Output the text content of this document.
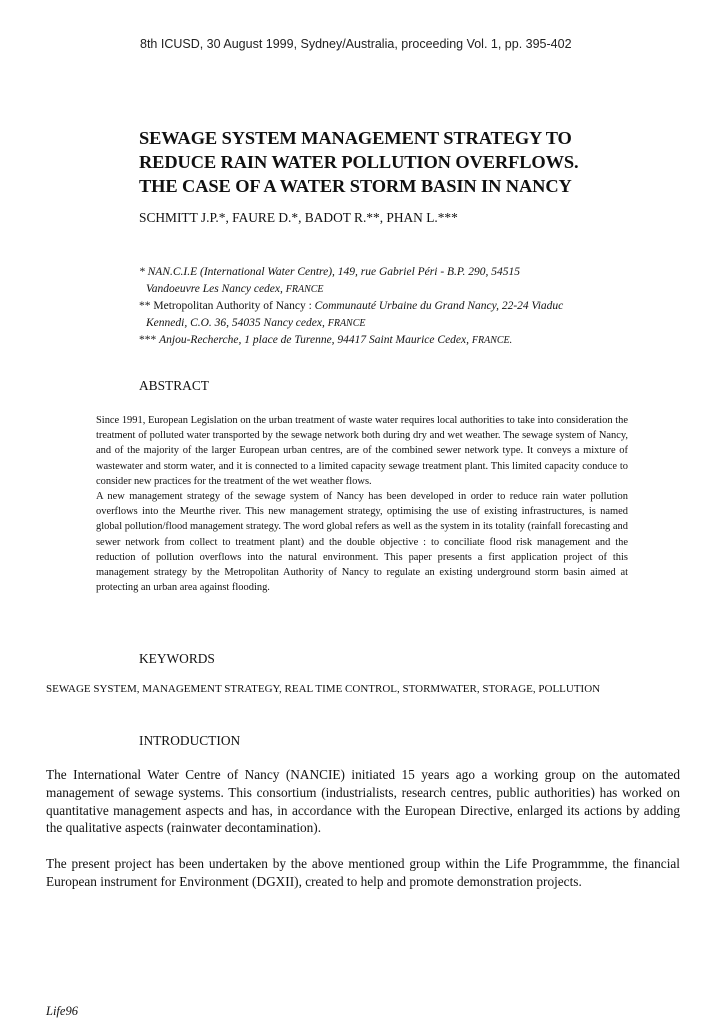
8th ICUSD, 30 August 1999, Sydney/Australia, proceeding Vol. 1, pp. 395-402
SEWAGE SYSTEM MANAGEMENT STRATEGY TO
REDUCE RAIN WATER POLLUTION OVERFLOWS.
THE CASE OF A WATER STORM BASIN IN NANCY
SCHMITT J.P.*, FAURE D.*, BADOT R.**, PHAN L.***
* NAN.C.I.E (International Water Centre), 149, rue Gabriel Péri - B.P. 290, 54515
Vandoeuvre Les Nancy cedex, FRANCE
** Metropolitan Authority of Nancy : Communauté Urbaine du Grand Nancy, 22-24 Viaduc
Kennedi, C.O. 36, 54035 Nancy cedex, FRANCE
*** Anjou-Recherche, 1 place de Turenne, 94417 Saint Maurice Cedex, FRANCE.
ABSTRACT

Since 1991, European Legislation on the urban treatment of waste water requires local authorities to take into consideration the treatment of polluted water transported by the sewage network both during dry and wet weather. The sewage system of Nancy, and of the majority of the larger European urban centres, are of the combined sewer network type. It conveys a mixture of wastewater and storm water, and it is connected to a limited capacity sewage treatment plant. This limited capacity conduce to consider new practices for the treatment of the wet weather flows.

A new management strategy of the sewage system of Nancy has been developed in order to reduce rain water pollution overflows into the Meurthe river. This new management strategy, optimising the use of existing infrastructures, is named global pollution/flood management strategy. The word global refers as well as the system in its totality (rainfall forecasting and sewer network from collect to treatment plant) and the double objective : to conciliate flood risk management and the reduction of pollution overflows into the natural environment. This paper presents a first application project of this management strategy by the Metropolitan Authority of Nancy to regulate an existing underground storm basin aimed at protecting an urban area against flooding.

KEYWORDS
SEWAGE SYSTEM, MANAGEMENT STRATEGY, REAL TIME CONTROL, STORMWATER, STORAGE, POLLUTION
INTRODUCTION

The International Water Centre of Nancy (NANCIE) initiated 15 years ago a working group on the automated management of sewage systems. This consortium (industrialists, research centres, public authorities) has worked on quantitative management aspects and has, in accordance with the European Directive, enlarged its actions by adding the qualitative aspects (rainwater decontamination).

The present project has been undertaken by the above mentioned group within the Life Programmme, the financial European instrument for Environment (DGXII), created to help and promote demonstration projects.

Life96
